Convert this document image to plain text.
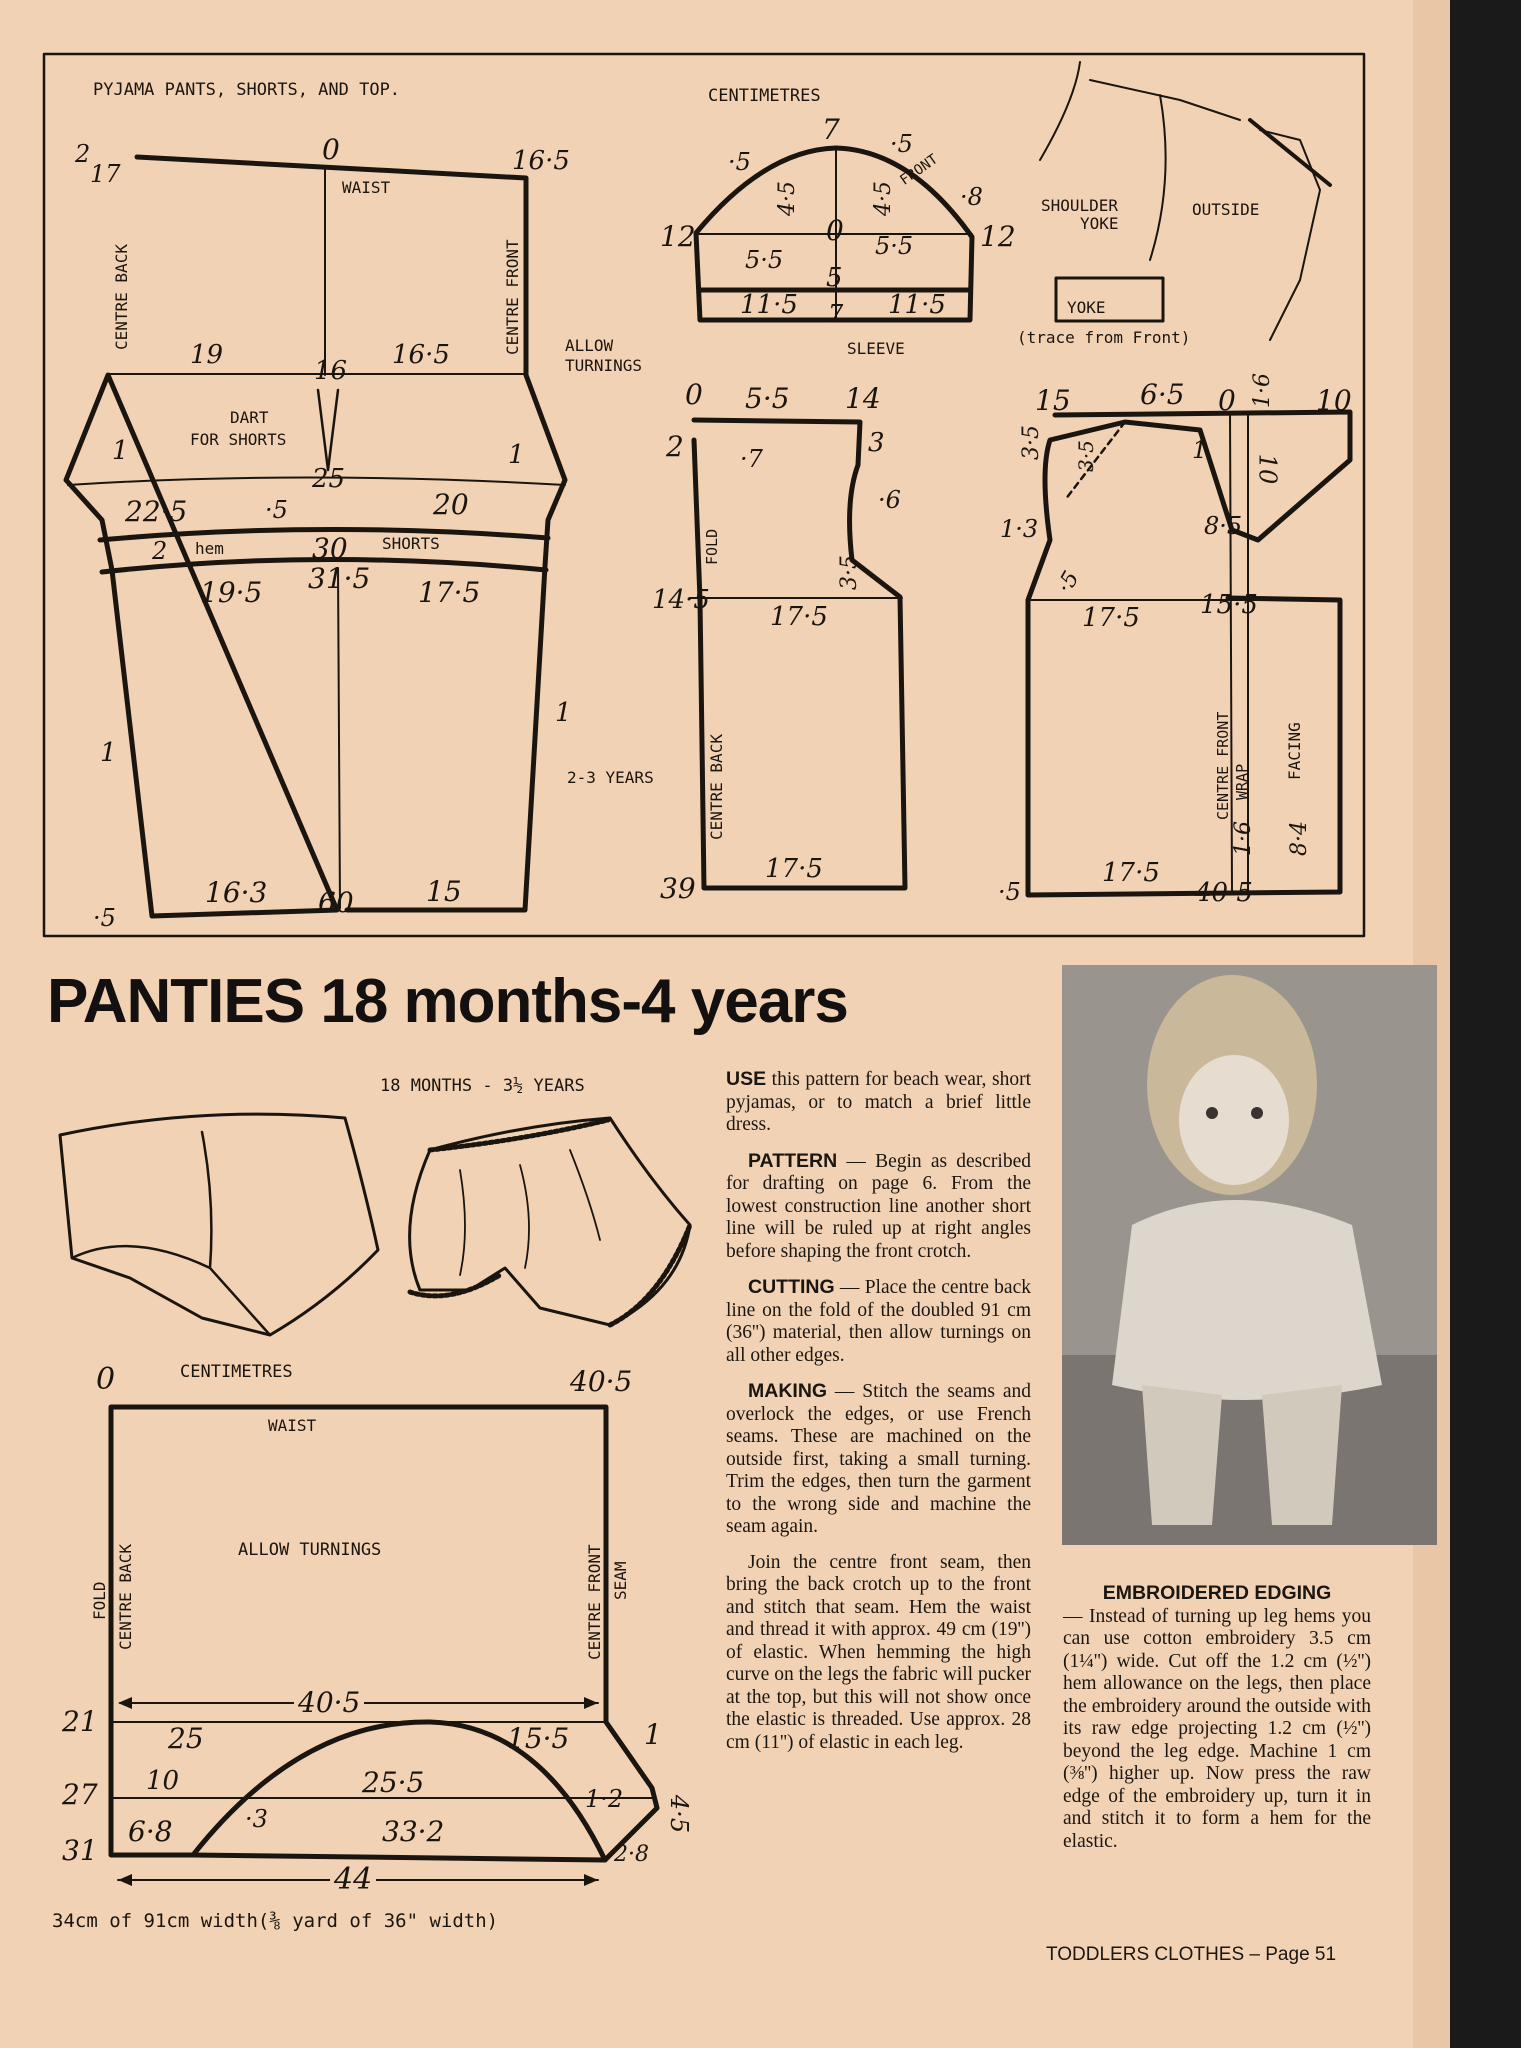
PYJAMA PANTS, SHORTS, AND TOP.	CENTIMETRES
WAIST
CENTRE BACK	CENTRE FRONT
DART
FOR SHORTS
hem	SHORTS
ALLOW
TURNINGS
SLEEVE
FRONT
SHOULDER
YOKE
OUTSIDE
YOKE
(trace from Front)
2-3 YEARS
FOLD
CENTRE BACK	CENTRE FRONT WRAP
FACING
2
17
0	16·5
19
16
16·5
1	1
25
22·5	·5	20
2	30
19·5 31·5 17·5
1
1
·5
16·3 60	15
7
·5
·5
4·5	4·5	·8
12	0	12
5·5	5·5
5
11·5 7 11·5
0 5·5 14
2 ·7
3
·6
3·5
14·5
17·5
39
17·5
15 6·5 0 1·6 10
3·5 3·5	1
10
1·3	8·5
·5
17·5 15·5
1·6 8·4
·5
17·5
40·5
PANTIES 18 months-4 years
18 MONTHS - 3½ YEARS
CENTIMETRES
WAIST
ALLOW TURNINGS
FOLD CENTRE BACK	CENTRE FRONT SEAM
0	40·5
21
40·5
25	15·5	1
27 10	25·5	1·2 4·5
31
6·8	·3	33·2
2·8
44
34cm of 91cm width(⅜ yard of 36" width)

USE this pattern for beach wear, short pyjamas, or to match a brief little dress.

PATTERN — Begin as described for drafting on page 6. From the lowest construction line another short line will be ruled up at right angles before shaping the front crotch.

CUTTING — Place the centre back line on the fold of the doubled 91 cm (36'') material, then allow turnings on all other edges.

MAKING — Stitch the seams and overlock the edges, or use French seams. These are machined on the outside first, taking a small turning. Trim the edges, then turn the garment to the wrong side and machine the seam again.

Join the centre front seam, then bring the back crotch up to the front and stitch that seam. Hem the waist and thread it with approx. 49 cm (19'') of elastic. When hemming the high curve on the legs the fabric will pucker at the top, but this will not show once the elastic is threaded. Use approx. 28 cm (11'') of elastic in each leg.

EMBROIDERED EDGING

— Instead of turning up leg hems you can use cotton embroidery 3.5 cm (1¼'') wide. Cut off the 1.2 cm (½'') hem allowance on the legs, then place the embroidery around the outside with its raw edge projecting 1.2 cm (½'') beyond the leg edge. Machine 1 cm (⅜'') higher up. Now press the raw edge of the embroidery up, turn it in and stitch it to form a hem for the elastic.

TODDLERS CLOTHES – Page 51
